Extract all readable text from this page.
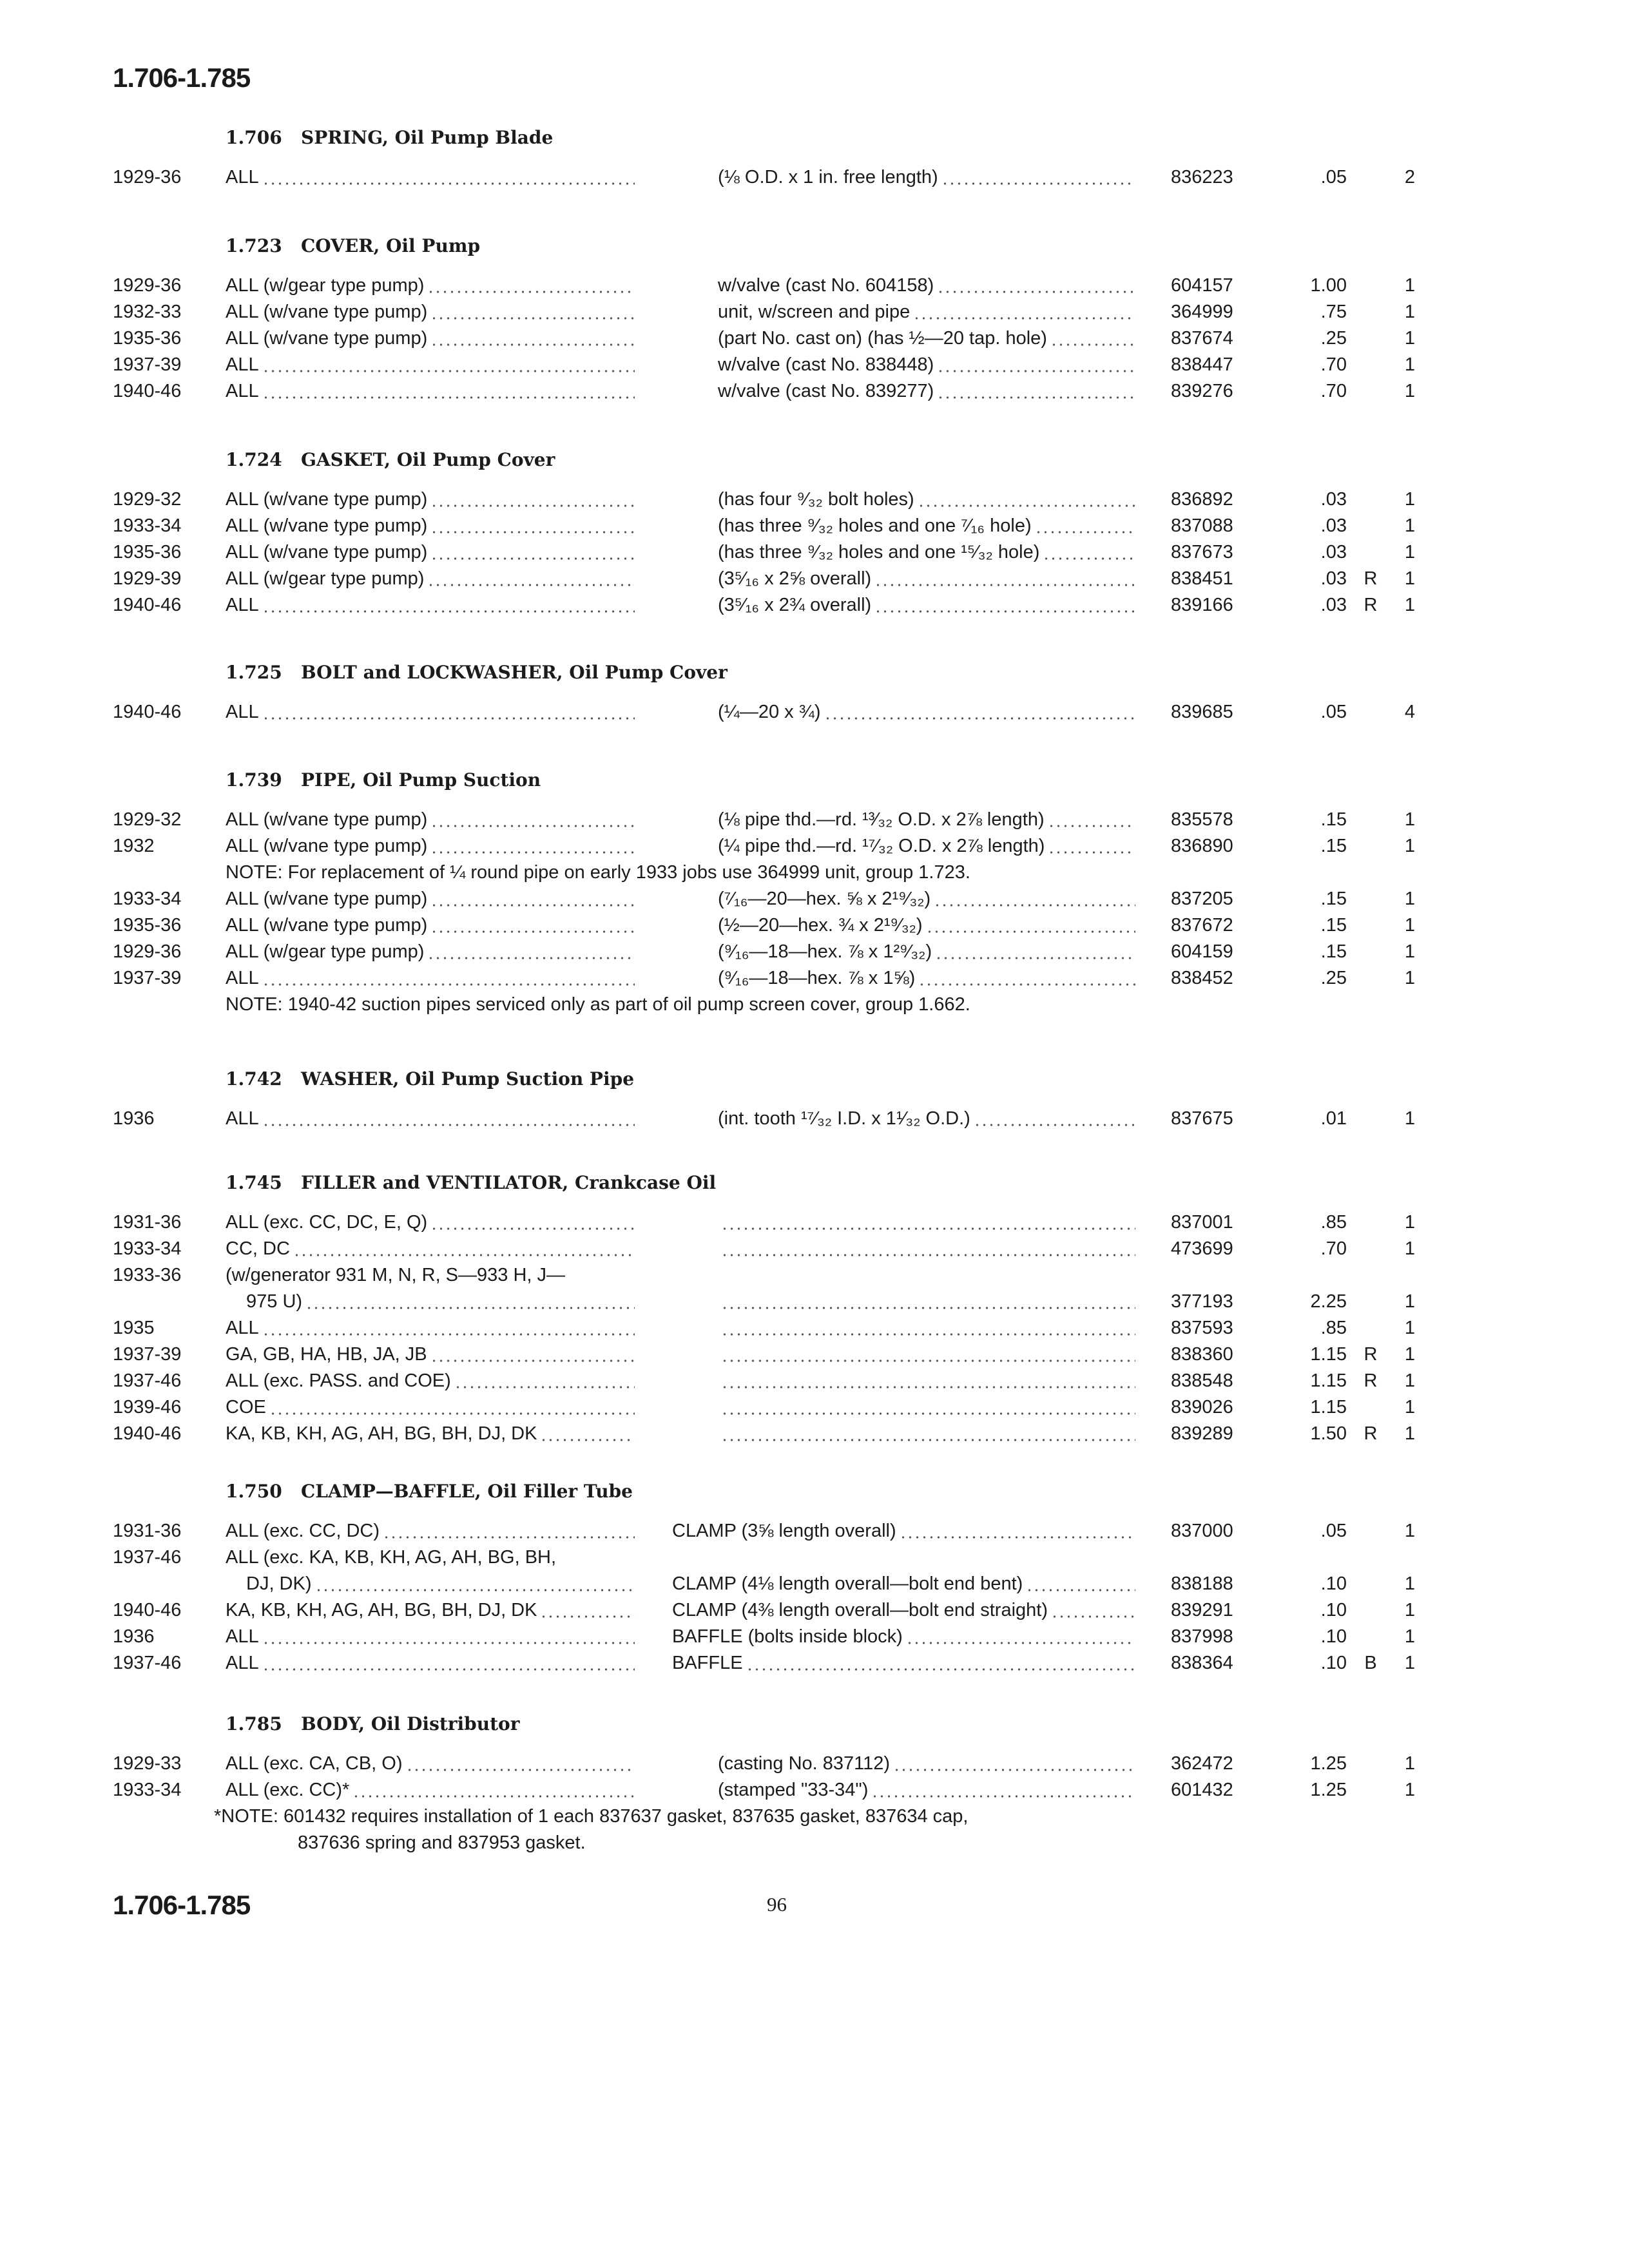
1.706-1.785
1.706 SPRING, Oil Pump Blade
1929-36 ALL	(⅛ O.D. x 1 in. free length)	836223	.05	2
1.723 COVER, Oil Pump
1929-36 ALL (w/gear type pump)	w/valve (cast No. 604158)	604157	1.00	1
1932-33 ALL (w/vane type pump)	unit, w/screen and pipe	364999	.75	1
1935-36 ALL (w/vane type pump)	(part No. cast on) (has ½—20 tap. hole)	837674	.25	1
1937-39 ALL	w/valve (cast No. 838448)	838447	.70	1
1940-46 ALL	w/valve (cast No. 839277)	839276	.70	1
1.724 GASKET, Oil Pump Cover
1929-32 ALL (w/vane type pump)	(has four ⁹⁄₃₂ bolt holes)	836892	.03	1
1933-34 ALL (w/vane type pump)	(has three ⁹⁄₃₂ holes and one ⁷⁄₁₆ hole)	837088	.03	1
1935-36 ALL (w/vane type pump)	(has three ⁹⁄₃₂ holes and one ¹⁵⁄₃₂ hole)	837673	.03	1
1929-39 ALL (w/gear type pump)	(3⁵⁄₁₆ x 2⅝ overall)	838451	.03 R	1
1940-46 ALL	(3⁵⁄₁₆ x 2¾ overall)	839166	.03 R	1
1.725 BOLT and LOCKWASHER, Oil Pump Cover
1940-46 ALL	(¼—20 x ¾)	839685	.05	4
1.739 PIPE, Oil Pump Suction
1929-32 ALL (w/vane type pump)	(⅛ pipe thd.—rd. ¹³⁄₃₂ O.D. x 2⅞ length)	835578	.15	1
1932	ALL (w/vane type pump)	(¼ pipe thd.—rd. ¹⁷⁄₃₂ O.D. x 2⅞ length)	836890	.15	1
NOTE: For replacement of ¼ round pipe on early 1933 jobs use 364999 unit, group 1.723.
1933-34 ALL (w/vane type pump)	(⁷⁄₁₆—20—hex. ⅝ x 2¹⁹⁄₃₂)	837205	.15	1
1935-36 ALL (w/vane type pump)	(½—20—hex. ¾ x 2¹⁹⁄₃₂)	837672	.15	1
1929-36 ALL (w/gear type pump)	(⁹⁄₁₆—18—hex. ⅞ x 1²⁹⁄₃₂)	604159	.15	1
1937-39 ALL	(⁹⁄₁₆—18—hex. ⅞ x 1⅝)	838452	.25	1
NOTE: 1940-42 suction pipes serviced only as part of oil pump screen cover, group 1.662.
1.742 WASHER, Oil Pump Suction Pipe
1936	ALL	(int. tooth ¹⁷⁄₃₂ I.D. x 1¹⁄₃₂ O.D.)	837675	.01	1
1.745 FILLER and VENTILATOR, Crankcase Oil
1931-36 ALL (exc. CC, DC, E, Q)	837001	.85	1
1933-34 CC, DC	473699	.70	1
1933-36 (w/generator 931 M, N, R, S—933 H, J—
975 U)	377193	2.25	1
1935	ALL	837593	.85	1
1937-39 GA, GB, HA, HB, JA, JB	838360	1.15 R	1
1937-46 ALL (exc. PASS. and COE)	838548	1.15 R	1
1939-46 COE	839026	1.15	1
1940-46 KA, KB, KH, AG, AH, BG, BH, DJ, DK	839289	1.50 R	1
1.750 CLAMP—BAFFLE, Oil Filler Tube
1931-36 ALL (exc. CC, DC)	CLAMP (3⅝ length overall)	837000	.05	1
1937-46 ALL (exc. KA, KB, KH, AG, AH, BG, BH,
DJ, DK)	CLAMP (4⅛ length overall—bolt end bent)	838188	.10	1
1940-46 KA, KB, KH, AG, AH, BG, BH, DJ, DK	CLAMP (4⅜ length overall—bolt end straight)	839291	.10	1
1936	ALL	BAFFLE (bolts inside block)	837998	.10	1
1937-46 ALL	BAFFLE	838364	.10 B	1
1.785 BODY, Oil Distributor
1929-33 ALL (exc. CA, CB, O)	(casting No. 837112)	362472	1.25	1
1933-34 ALL (exc. CC)*	(stamped "33-34")	601432	1.25	1
*NOTE: 601432 requires installation of 1 each 837637 gasket, 837635 gasket, 837634 cap,
837636 spring and 837953 gasket.
1.706-1.785	96
